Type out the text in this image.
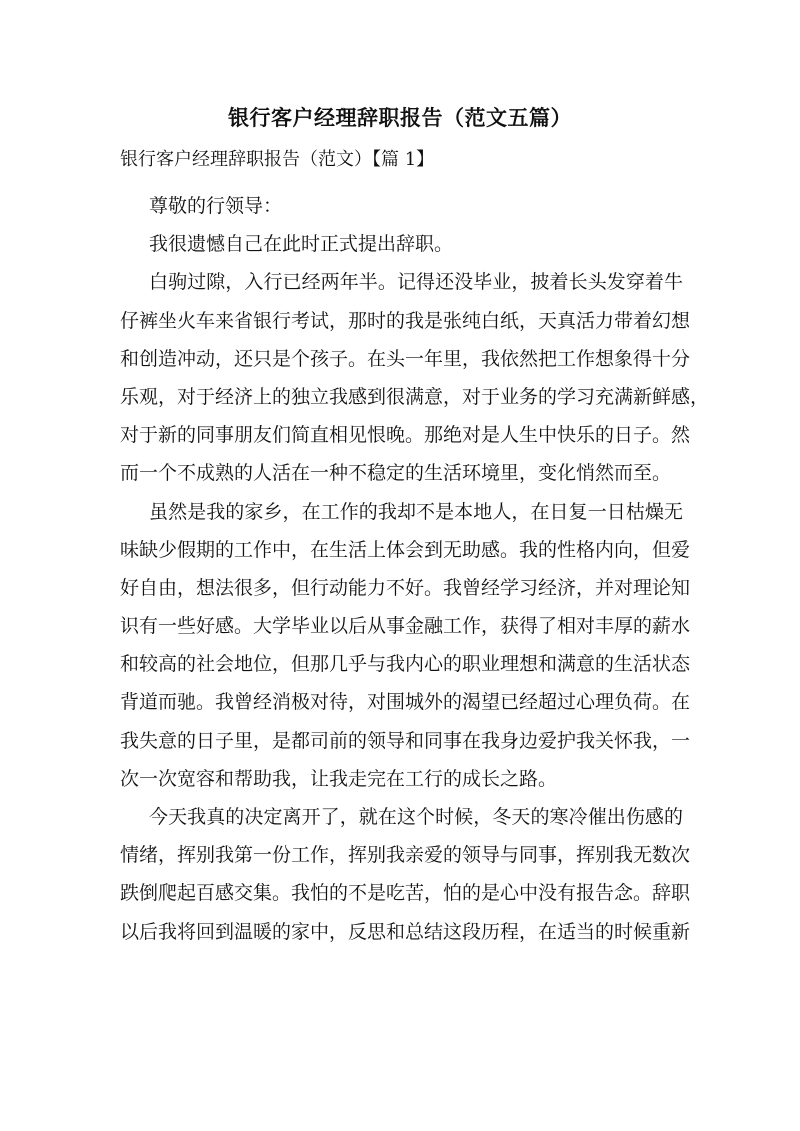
银行客户经理辞职报告（范文五篇）
银行客户经理辞职报告（范文）【篇 1】
尊敬的行领导：
我很遗憾自己在此时正式提出辞职。
白驹过隙，入行已经两年半。记得还没毕业，披着长头发穿着牛
仔裤坐火车来省银行考试，那时的我是张纯白纸，天真活力带着幻想
和创造冲动，还只是个孩子。在头一年里，我依然把工作想象得十分
乐观，对于经济上的独立我感到很满意，对于业务的学习充满新鲜感，
对于新的同事朋友们简直相见恨晚。那绝对是人生中快乐的日子。然
而一个不成熟的人活在一种不稳定的生活环境里，变化悄然而至。
虽然是我的家乡，在工作的我却不是本地人，在日复一日枯燥无
味缺少假期的工作中，在生活上体会到无助感。我的性格内向，但爱
好自由，想法很多，但行动能力不好。我曾经学习经济，并对理论知
识有一些好感。大学毕业以后从事金融工作，获得了相对丰厚的薪水
和较高的社会地位，但那几乎与我内心的职业理想和满意的生活状态
背道而驰。我曾经消极对待，对围城外的渴望已经超过心理负荷。在
我失意的日子里，是都司前的领导和同事在我身边爱护我关怀我，一
次一次宽容和帮助我，让我走完在工行的成长之路。
今天我真的决定离开了，就在这个时候，冬天的寒冷催出伤感的
情绪，挥别我第一份工作，挥别我亲爱的领导与同事，挥别我无数次
跌倒爬起百感交集。我怕的不是吃苦，怕的是心中没有报告念。辞职
以后我将回到温暖的家中，反思和总结这段历程，在适当的时候重新
